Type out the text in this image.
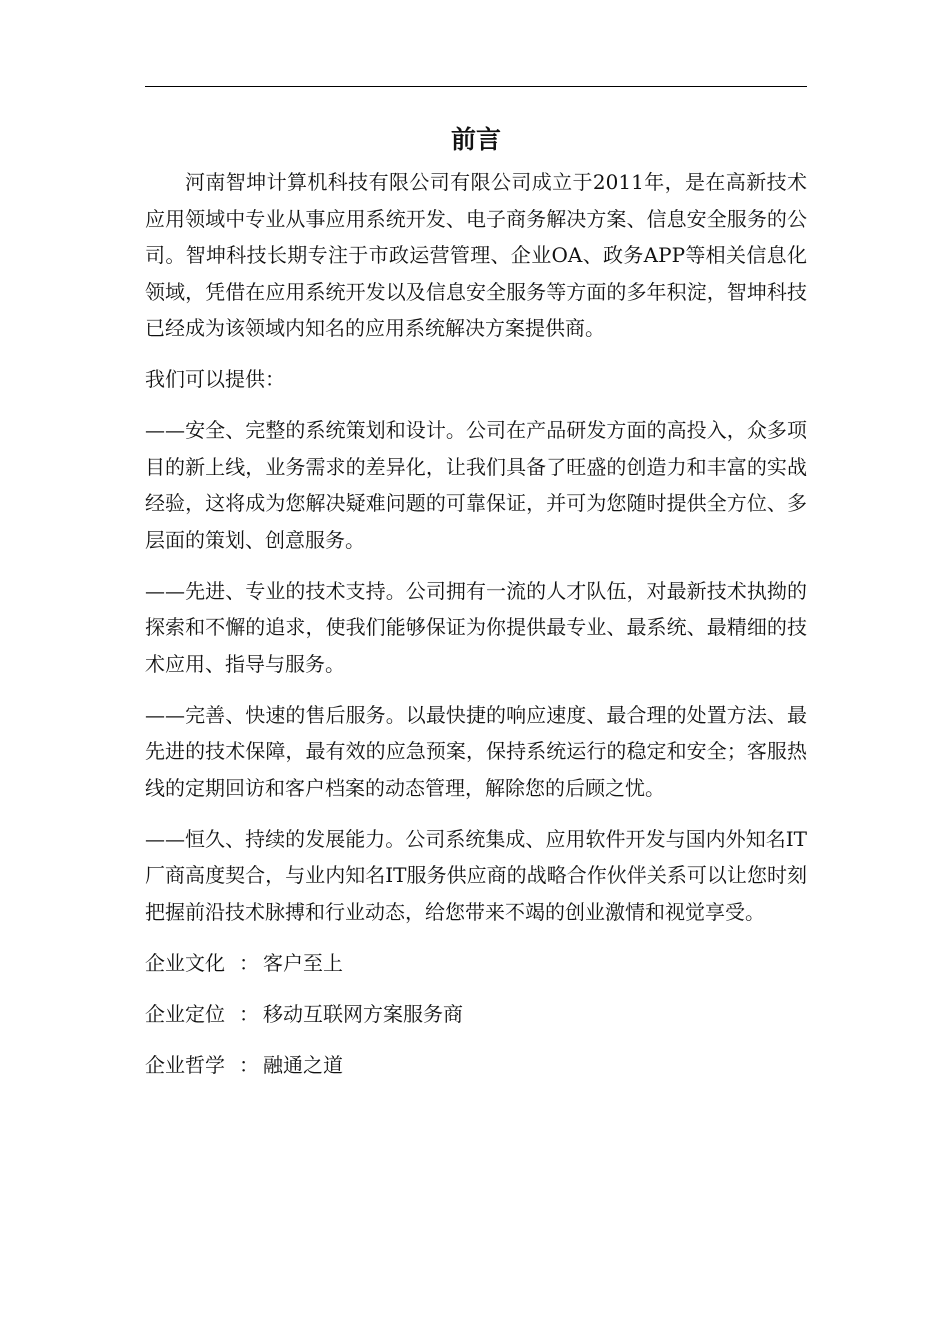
前言

河南智坤计算机科技有限公司有限公司成立于2011年，是在高新技术应用领域中专业从事应用系统开发、电子商务解决方案、信息安全服务的公司。智坤科技长期专注于市政运营管理、企业OA、政务APP等相关信息化领域，凭借在应用系统开发以及信息安全服务等方面的多年积淀，智坤科技已经成为该领域内知名的应用系统解决方案提供商。

我们可以提供：

——安全、完整的系统策划和设计。公司在产品研发方面的高投入，众多项目的新上线，业务需求的差异化，让我们具备了旺盛的创造力和丰富的实战经验，这将成为您解决疑难问题的可靠保证，并可为您随时提供全方位、多层面的策划、创意服务。

——先进、专业的技术支持。公司拥有一流的人才队伍，对最新技术执拗的探索和不懈的追求，使我们能够保证为你提供最专业、最系统、最精细的技术应用、指导与服务。

——完善、快速的售后服务。以最快捷的响应速度、最合理的处置方法、最先进的技术保障，最有效的应急预案，保持系统运行的稳定和安全；客服热线的定期回访和客户档案的动态管理，解除您的后顾之忧。

——恒久、持续的发展能力。公司系统集成、应用软件开发与国内外知名IT厂商高度契合，与业内知名IT服务供应商的战略合作伙伴关系可以让您时刻把握前沿技术脉搏和行业动态，给您带来不竭的创业激情和视觉享受。

企业文化 ： 客户至上

企业定位 ： 移动互联网方案服务商

企业哲学 ： 融通之道
